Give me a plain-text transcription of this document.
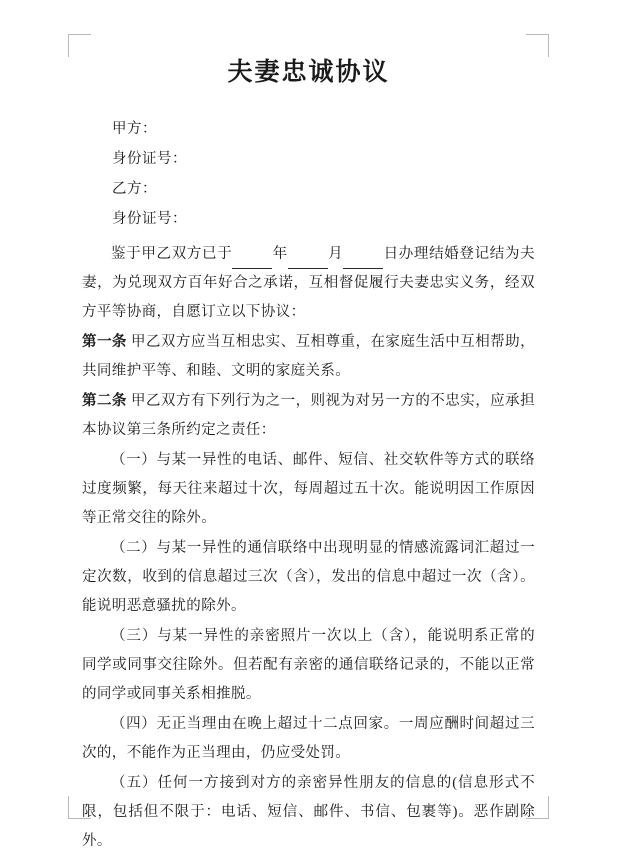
夫妻忠诚协议
甲方：
身份证号：
乙方：
身份证号：

鉴于甲乙双方已于	年	月	日办理结婚登记结为夫妻，为兑现双方百年好合之承诺，互相督促履行夫妻忠实义务，经双方平等协商，自愿订立以下协议：

第一条 甲乙双方应当互相忠实、互相尊重，在家庭生活中互相帮助，共同维护平等、和睦、文明的家庭关系。

第二条 甲乙双方有下列行为之一，则视为对另一方的不忠实，应承担本协议第三条所约定之责任：

（一）与某一异性的电话、邮件、短信、社交软件等方式的联络过度频繁，每天往来超过十次，每周超过五十次。能说明因工作原因等正常交往的除外。

（二）与某一异性的通信联络中出现明显的情感流露词汇超过一定次数，收到的信息超过三次（含），发出的信息中超过一次（含）。能说明恶意骚扰的除外。

（三）与某一异性的亲密照片一次以上（含），能说明系正常的同学或同事交往除外。但若配有亲密的通信联络记录的，不能以正常的同学或同事关系相推脱。

（四）无正当理由在晚上超过十二点回家。一周应酬时间超过三次的，不能作为正当理由，仍应受处罚。

（五）任何一方接到对方的亲密异性朋友的信息的(信息形式不限，包括但不限于：电话、短信、邮件、书信、包裹等)。恶作剧除外。
